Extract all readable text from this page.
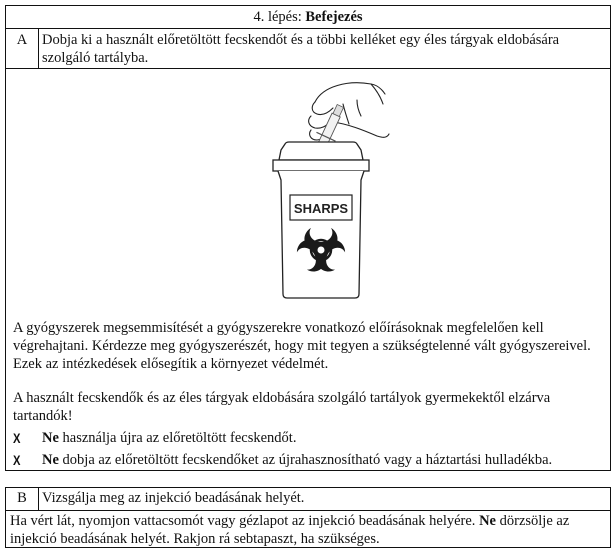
4. lépés: Befejezés
A	Dobja ki a használt előretöltött fecskendőt és a többi kelléket egy éles tárgyak eldobására szolgáló tartályba.
SHARPS

A gyógyszerek megsemmisítését a gyógyszerekre vonatkozó előírásoknak megfelelően kell végrehajtani. Kérdezze meg gyógyszerészét, hogy mit tegyen a szükségtelenné vált gyógyszereivel. Ezek az intézkedések elősegítik a környezet védelmét.

A használt fecskendők és az éles tárgyak eldobására szolgáló tartályok gyermekektől elzárva tartandók!

X	Ne használja újra az előretöltött fecskendőt.
X	Ne dobja az előretöltött fecskendőket az újrahasznosítható vagy a háztartási hulladékba.
B	Vizsgálja meg az injekció beadásának helyét.
Ha vért lát, nyomjon vattacsomót vagy gézlapot az injekció beadásának helyére. Ne dörzsölje az injekció beadásának helyét. Rakjon rá sebtapaszt, ha szükséges.
